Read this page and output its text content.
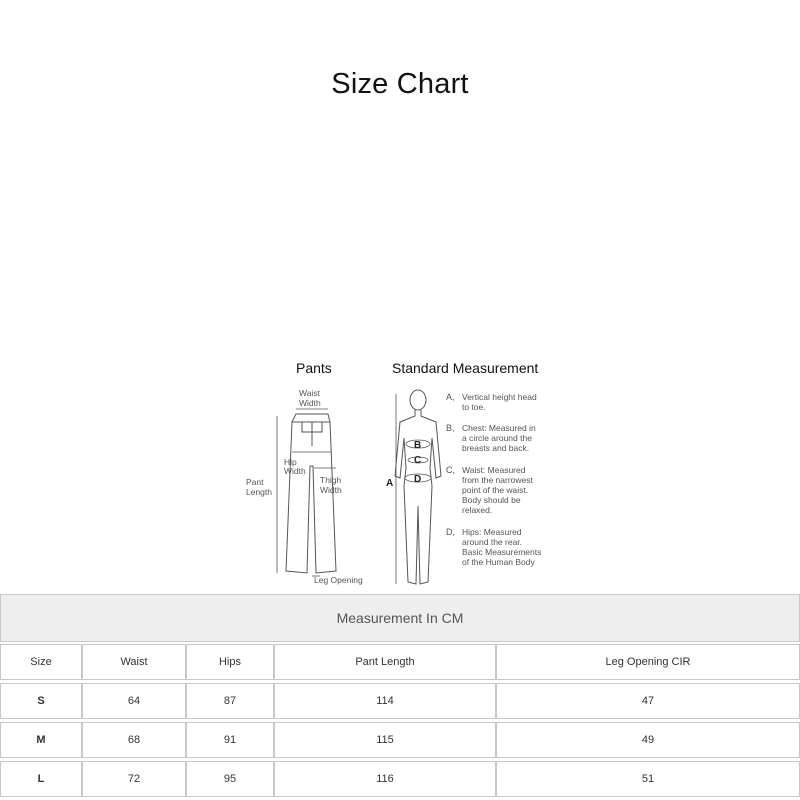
Size Chart
Pants	Standard Measurement
Waist
Width
Pant
Length
Hip
Width
Thigh
Width
Leg Opening
B
C
D
A
A, Vertical height head
to toe.
B, Chest: Measured in
a circle around the
breasts and back.
C, Waist: Measured
from the narrowest
point of the waist.
Body should be
relaxed.
D, Hips: Measured
around the rear.
Basic Measurements
of the Human Body
Measurement In CM
Size	Waist	Hips	Pant Length	Leg Opening CIR
S	64	87	114	47
M	68	91	115	49
L	72	95	116	51
